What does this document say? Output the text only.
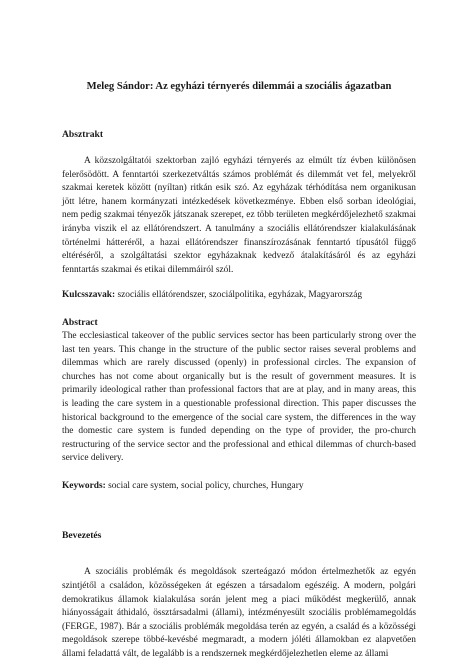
Meleg Sándor: Az egyházi térnyerés dilemmái a szociális ágazatban
Absztrakt

A közszolgáltatói szektorban zajló egyházi térnyerés az elmúlt tíz évben különösen felerősödött. A fenntartói szerkezetváltás számos problémát és dilemmát vet fel, melyekről szakmai keretek között (nyíltan) ritkán esik szó. Az egyházak térhódítása nem organikusan jött létre, hanem kormányzati intézkedések következménye. Ebben első sorban ideológiai, nem pedig szakmai tényezők játszanak szerepet, ez több területen megkérdőjelezhető szakmai irányba viszik el az ellátórendszert. A tanulmány a szociális ellátórendszer kialakulásának történelmi hátteréről, a hazai ellátórendszer finanszírozásának fenntartó típusától függő eltéréséről, a szolgáltatási szektor egyházaknak kedvező átalakításáról és az egyházi fenntartás szakmai és etikai dilemmáiról szól.

Kulcsszavak: szociális ellátórendszer, szociálpolitika, egyházak, Magyarország

Abstract

The ecclesiastical takeover of the public services sector has been particularly strong over the last ten years. This change in the structure of the public sector raises several problems and dilemmas which are rarely discussed (openly) in professional circles. The expansion of churches has not come about organically but is the result of government measures. It is primarily ideological rather than professional factors that are at play, and in many areas, this is leading the care system in a questionable professional direction. This paper discusses the historical background to the emergence of the social care system, the differences in the way the domestic care system is funded depending on the type of provider, the pro-church restructuring of the service sector and the professional and ethical dilemmas of church-based service delivery.

Keywords: social care system, social policy, churches, Hungary

Bevezetés

A szociális problémák és megoldások szerteágazó módon értelmezhetők az egyén szintjétől a családon, közösségeken át egészen a társadalom egészéig. A modern, polgári demokratikus államok kialakulása során jelent meg a piaci működést megkerülő, annak hiányosságait áthidaló, össztársadalmi (állami), intézményesült szociális problémamegoldás (FERGE, 1987). Bár a szociális problémák megoldása terén az egyén, a család és a közösségi megoldások szerepe többé-kevésbé megmaradt, a modern jóléti államokban ez alapvetően állami feladattá vált, de legalább is a rendszernek megkérdőjelezhetlen eleme az állami
